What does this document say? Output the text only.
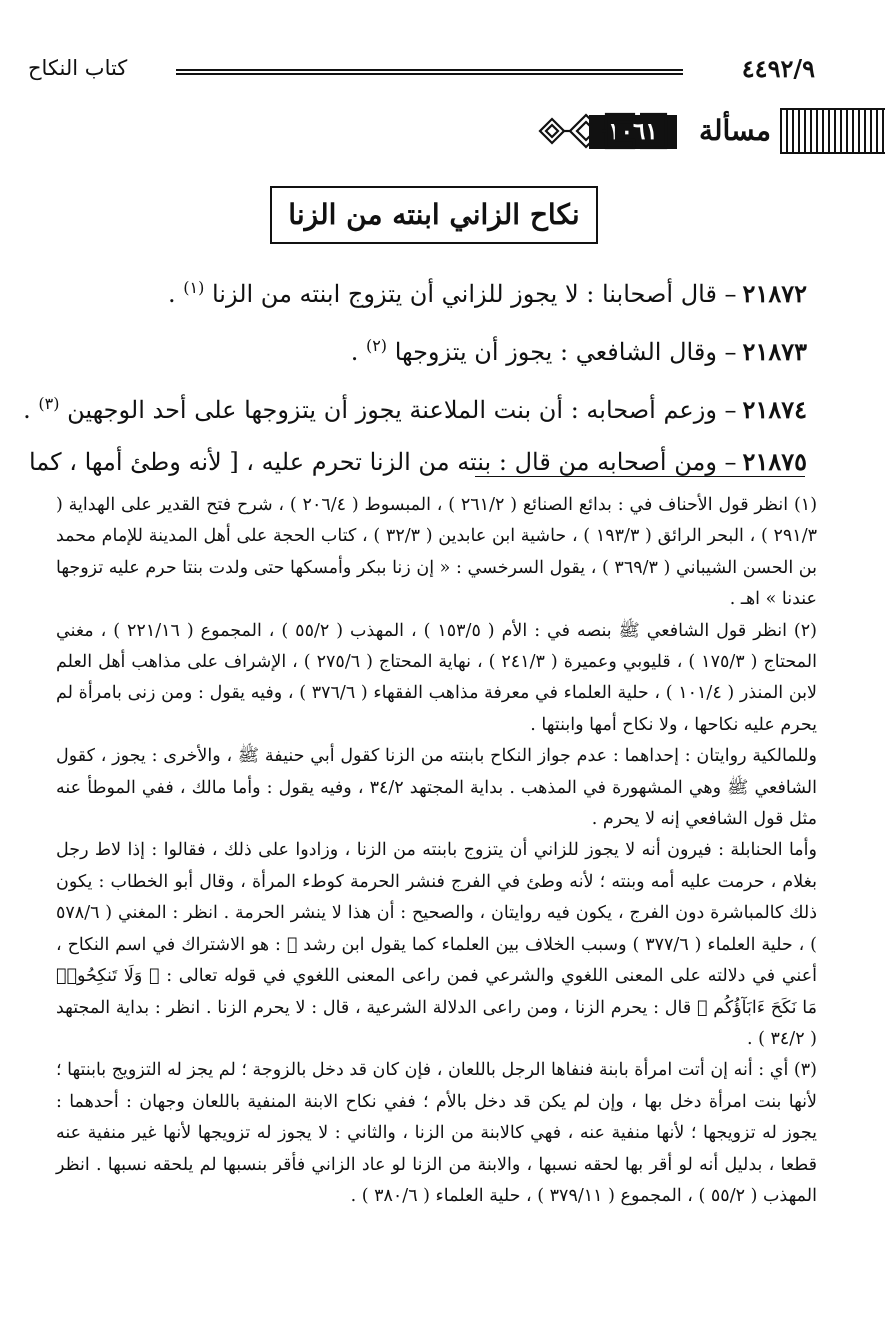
٤٤٩٢/٩
كتاب النكاح
مسألة
١٠٦١
نكاح الزاني ابنته من الزنا
٢١٨٧٢– قال أصحابنا : لا يجوز للزاني أن يتزوج ابنته من الزنا $^{(١)}$ .
٢١٨٧٣– وقال الشافعي : يجوز أن يتزوجها $^{(٢)}$ .
٢١٨٧٤– وزعم أصحابه : أن بنت الملاعنة يجوز أن يتزوجها على أحد الوجهين $^{(٣)}$ .
٢١٨٧٥– ومن أصحابه من قال : بنته من الزنا تحرم عليه ، [ لأنه وطئ أمها ، كما

(١) انظر قول الأحناف في : بدائع الصنائع ( ٢٦١/٢ ) ، المبسوط ( ٢٠٦/٤ ) ، شرح فتح القدير على الهداية ( ٢٩١/٣ ) ، البحر الرائق ( ١٩٣/٣ ) ، حاشية ابن عابدين ( ٣٢/٣ ) ، كتاب الحجة على أهل المدينة للإمام محمد بن الحسن الشيباني ( ٣٦٩/٣ ) ، يقول السرخسي : « إن زنا ببكر وأمسكها حتى ولدت بنتا حرم عليه تزوجها عندنا » اهـ .

(٢) انظر قول الشافعي ﷺ بنصه في : الأم ( ١٥٣/٥ ) ، المهذب ( ٥٥/٢ ) ، المجموع ( ٢٢١/١٦ ) ، مغني المحتاج ( ١٧٥/٣ ) ، قليوبي وعميرة ( ٢٤١/٣ ) ، نهاية المحتاج ( ٢٧٥/٦ ) ، الإشراف على مذاهب أهل العلم لابن المنذر ( ١٠١/٤ ) ، حلية العلماء في معرفة مذاهب الفقهاء ( ٣٧٦/٦ ) ، وفيه يقول : ومن زنى بامرأة لم يحرم عليه نكاحها ، ولا نكاح أمها وابنتها .

وللمالكية روايتان : إحداهما : عدم جواز النكاح بابنته من الزنا كقول أبي حنيفة ﷺ ، والأخرى : يجوز ، كقول الشافعي ﷺ وهي المشهورة في المذهب . بداية المجتهد ٣٤/٢ ، وفيه يقول : وأما مالك ، ففي الموطأ عنه مثل قول الشافعي إنه لا يحرم .

وأما الحنابلة : فيرون أنه لا يجوز للزاني أن يتزوج بابنته من الزنا ، وزادوا على ذلك ، فقالوا : إذا لاط رجل بغلام ، حرمت عليه أمه وبنته ؛ لأنه وطئ في الفرج فنشر الحرمة كوطء المرأة ، وقال أبو الخطاب : يكون ذلك كالمباشرة دون الفرج ، يكون فيه روايتان ، والصحيح : أن هذا لا ينشر الحرمة . انظر : المغني ( ٥٧٨/٦ ) ، حلية العلماء ( ٣٧٧/٦ ) وسبب الخلاف بين العلماء كما يقول ابن رشد ﷺ : هو الاشتراك في اسم النكاح ، أعني في دلالته على المعنى اللغوي والشرعي فمن راعى المعنى اللغوي في قوله تعالى : ﴿ وَلَا تَنكِحُوا۟ مَا نَكَحَ ءَابَآؤُكُم ﴾ قال : يحرم الزنا ، ومن راعى الدلالة الشرعية ، قال : لا يحرم الزنا . انظر : بداية المجتهد ( ٣٤/٢ ) .

(٣) أي : أنه إن أتت امرأة بابنة فنفاها الرجل باللعان ، فإن كان قد دخل بالزوجة ؛ لم يجز له التزويج بابنتها ؛ لأنها بنت امرأة دخل بها ، وإن لم يكن قد دخل بالأم ؛ ففي نكاح الابنة المنفية باللعان وجهان : أحدهما : يجوز له تزويجها ؛ لأنها منفية عنه ، فهي كالابنة من الزنا ، والثاني : لا يجوز له تزويجها لأنها غير منفية عنه قطعا ، بدليل أنه لو أقر بها لحقه نسبها ، والابنة من الزنا لو عاد الزاني فأقر بنسبها لم يلحقه نسبها . انظر المهذب ( ٥٥/٢ ) ، المجموع ( ٣٧٩/١١ ) ، حلية العلماء ( ٣٨٠/٦ ) .
